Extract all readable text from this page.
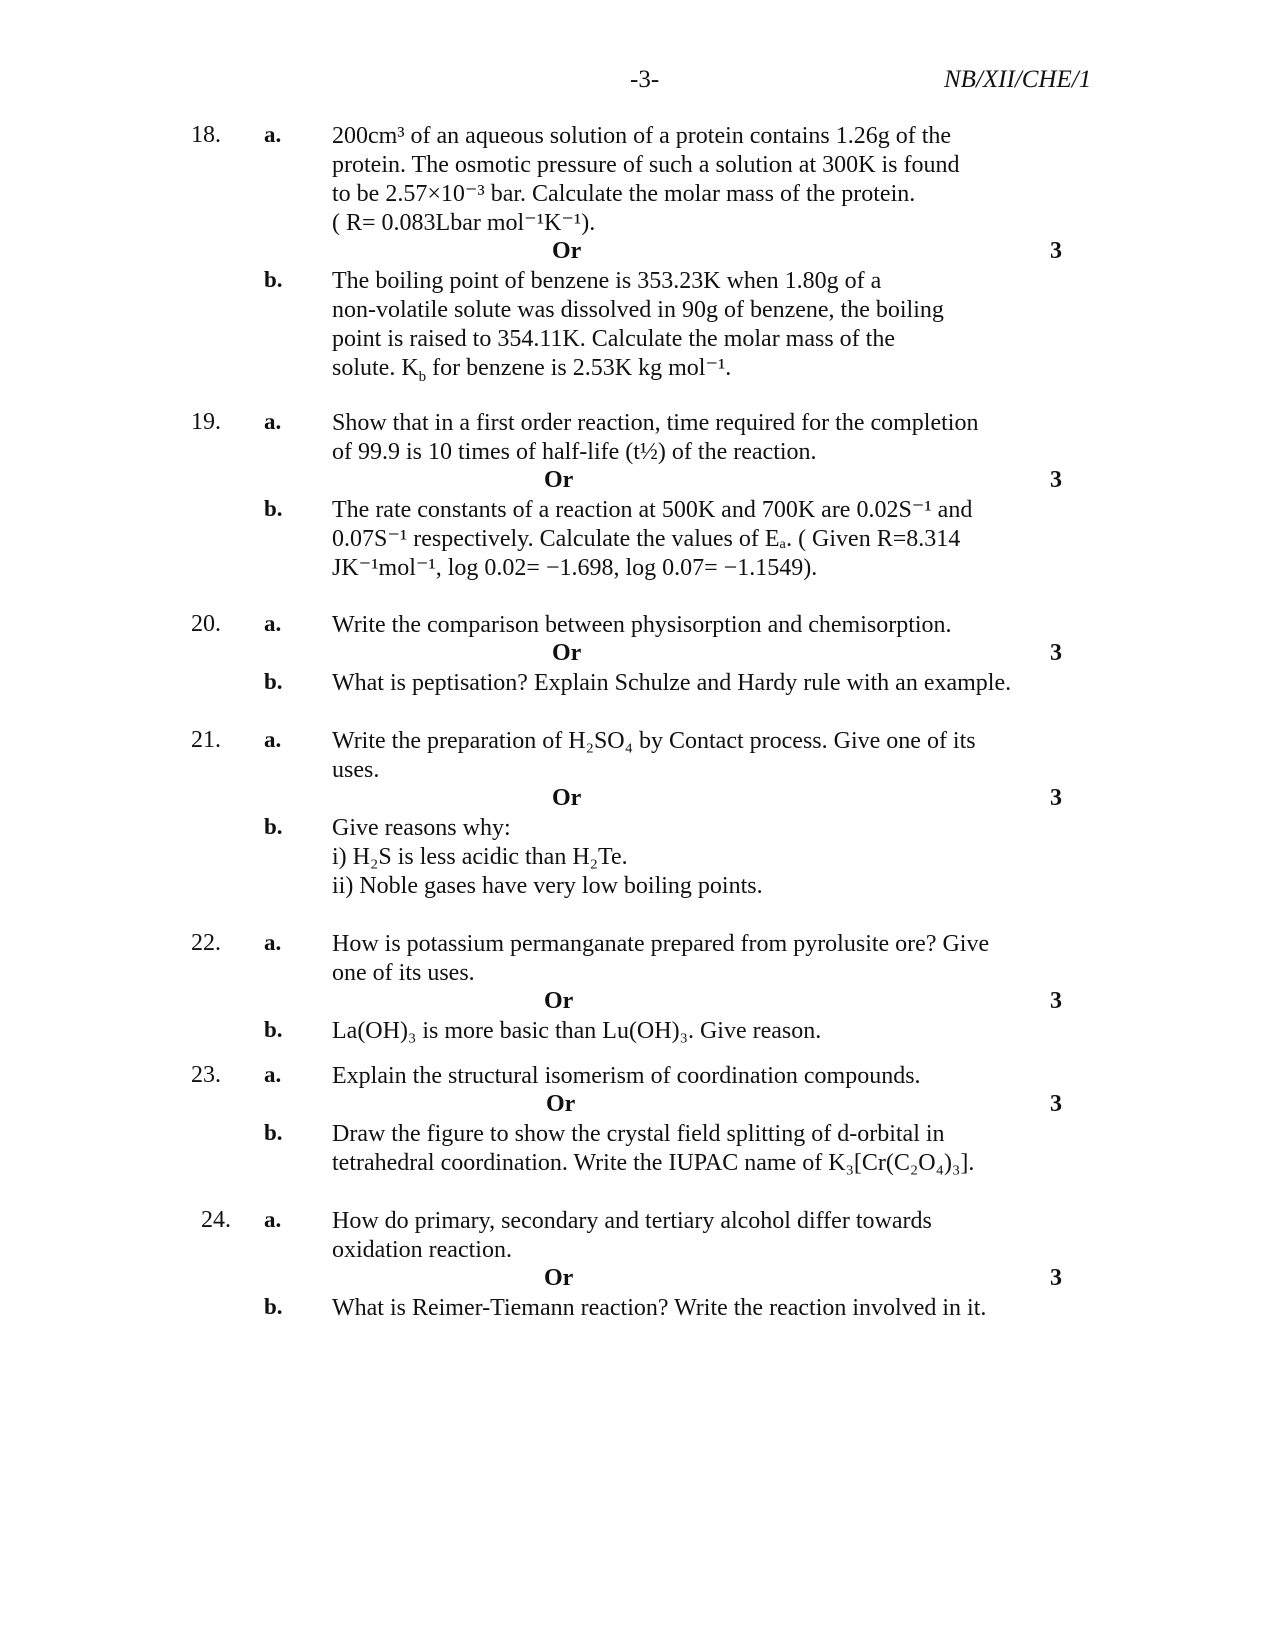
-3-	NB/XII/CHE/1
18. a. 200cm³ of an aqueous solution of a protein contains 1.26g of the
protein. The osmotic pressure of such a solution at 300K is found
to be 2.57×10⁻³ bar. Calculate the molar mass of the protein.
( R= 0.083Lbar mol⁻¹K⁻¹).
Or	3
b. The boiling point of benzene is 353.23K when 1.80g of a
non-volatile solute was dissolved in 90g of benzene, the boiling
point is raised to 354.11K. Calculate the molar mass of the
solute. $K_b$ for benzene is 2.53K kg mol⁻¹.
19. a. Show that in a first order reaction, time required for the completion
of 99.9 is 10 times of half-life (t½) of the reaction.
Or	3
b. The rate constants of a reaction at 500K and 700K are 0.02S⁻¹ and
0.07S⁻¹ respectively. Calculate the values of Eₐ. ( Given R=8.314
JK⁻¹mol⁻¹, log 0.02= −1.698, log 0.07= −1.1549).
20. a. Write the comparison between physisorption and chemisorption.
Or	3
b. What is peptisation? Explain Schulze and Hardy rule with an example.
21. a. Write the preparation of H₂SO₄ by Contact process. Give one of its
uses.
Or	3
b. Give reasons why:
i) H₂S is less acidic than H₂Te.
ii) Noble gases have very low boiling points.
22. a. How is potassium permanganate prepared from pyrolusite ore? Give
one of its uses.
Or	3
b. La(OH)₃ is more basic than Lu(OH)₃. Give reason.
23. a. Explain the structural isomerism of coordination compounds.
Or	3
b. Draw the figure to show the crystal field splitting of d-orbital in
tetrahedral coordination. Write the IUPAC name of K₃[Cr(C₂O₄)₃].
24. a. How do primary, secondary and tertiary alcohol differ towards
oxidation reaction.
Or	3
b. What is Reimer-Tiemann reaction? Write the reaction involved in it.
